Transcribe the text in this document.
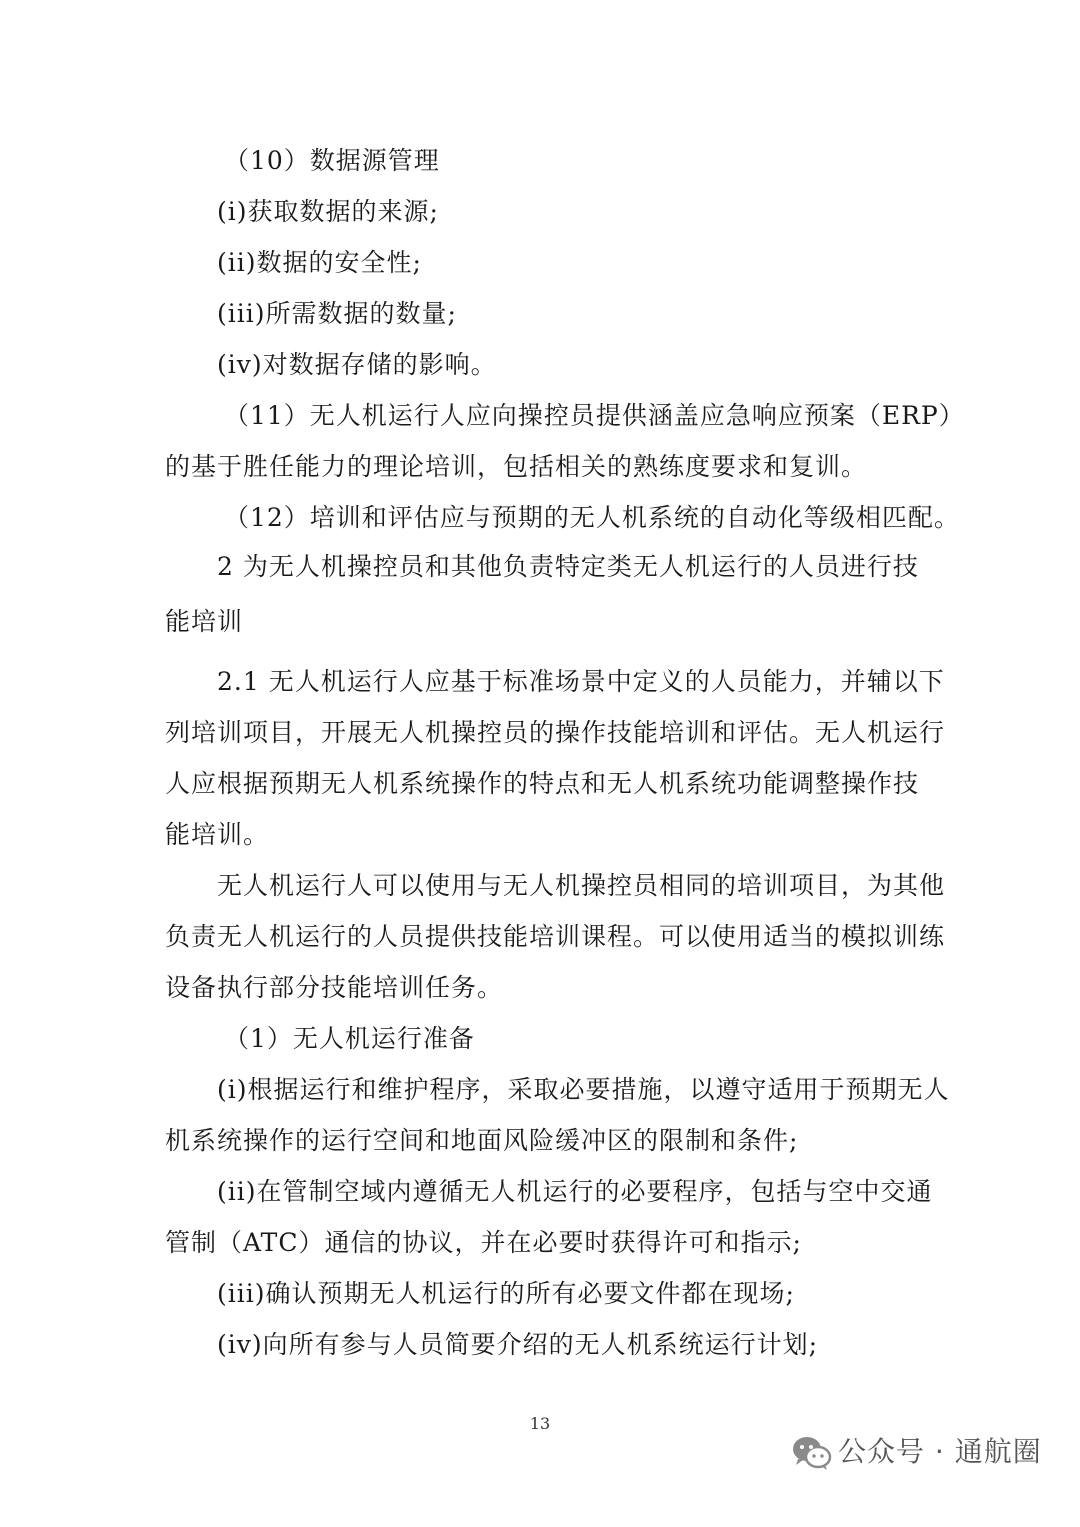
（10）数据源管理

(i)获取数据的来源;

(ii)数据的安全性;

(iii)所需数据的数量;

(iv)对数据存储的影响。

（11）无人机运行人应向操控员提供涵盖应急响应预案（ERP）

的基于胜任能力的理论培训，包括相关的熟练度要求和复训。

（12）培训和评估应与预期的无人机系统的自动化等级相匹配。

2 为无人机操控员和其他负责特定类无人机运行的人员进行技

能培训

2.1 无人机运行人应基于标准场景中定义的人员能力，并辅以下

列培训项目，开展无人机操控员的操作技能培训和评估。无人机运行

人应根据预期无人机系统操作的特点和无人机系统功能调整操作技

能培训。

无人机运行人可以使用与无人机操控员相同的培训项目，为其他

负责无人机运行的人员提供技能培训课程。可以使用适当的模拟训练

设备执行部分技能培训任务。

（1）无人机运行准备

(i)根据运行和维护程序，采取必要措施，以遵守适用于预期无人

机系统操作的运行空间和地面风险缓冲区的限制和条件;

(ii)在管制空域内遵循无人机运行的必要程序，包括与空中交通

管制（ATC）通信的协议，并在必要时获得许可和指示;

(iii)确认预期无人机运行的所有必要文件都在现场;

(iv)向所有参与人员简要介绍的无人机系统运行计划;

13
公众号 · 通航圈
